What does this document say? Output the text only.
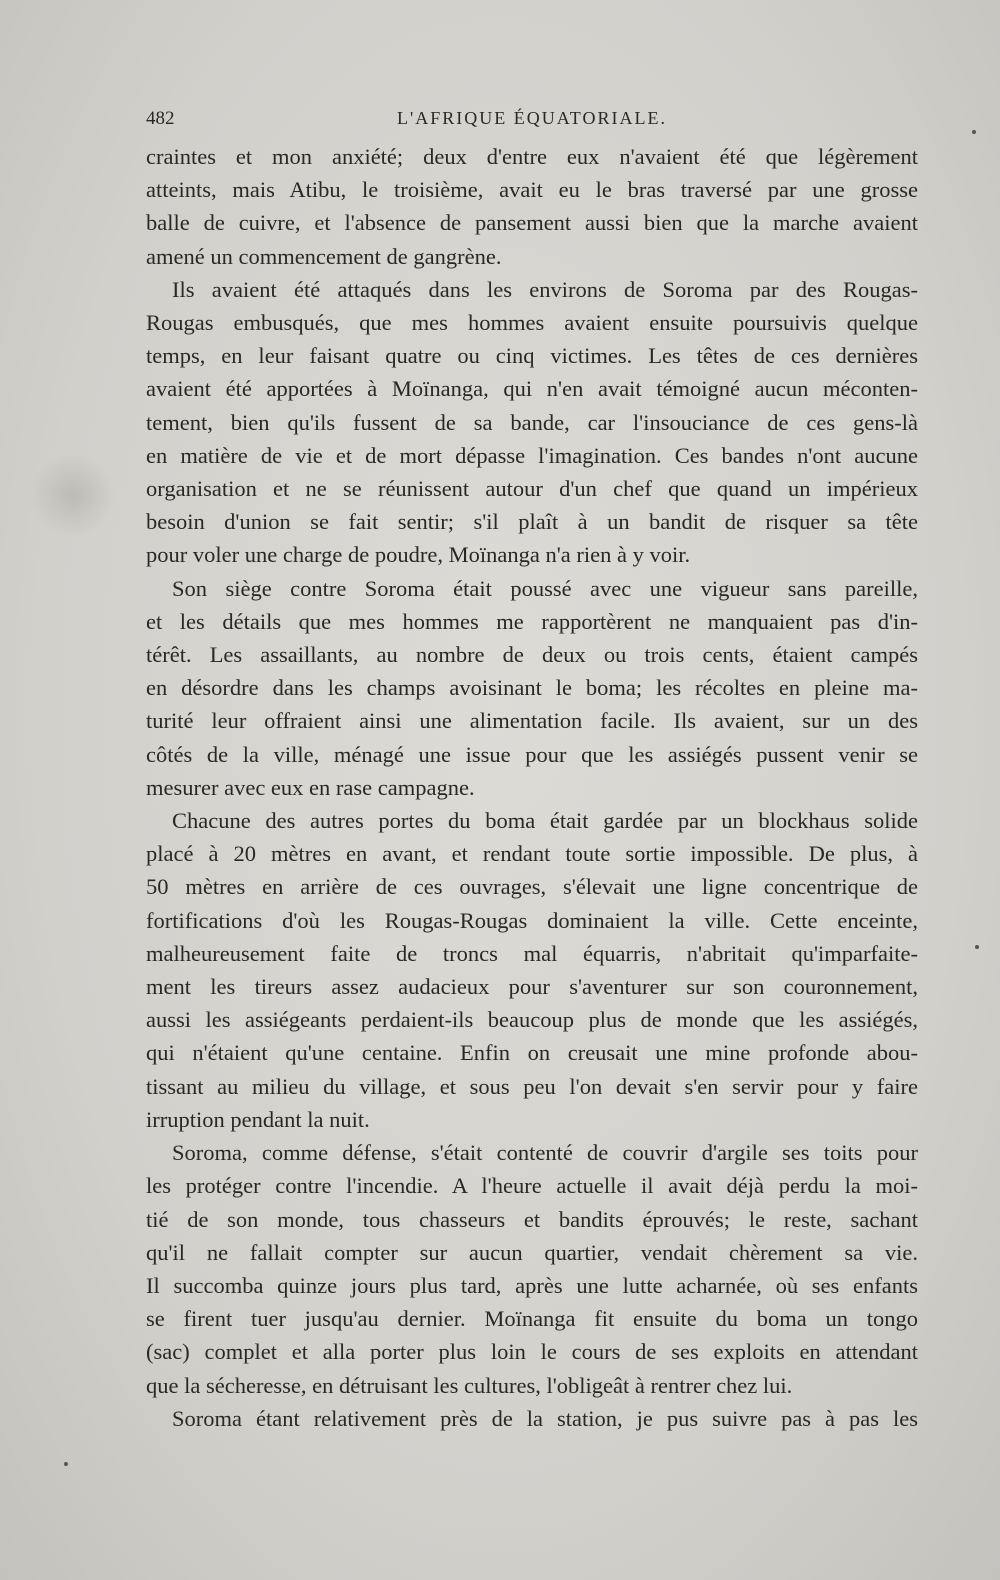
482	L'AFRIQUE ÉQUATORIALE.
craintes et mon anxiété; deux d'entre eux n'avaient été que légèrement
atteints, mais Atibu, le troisième, avait eu le bras traversé par une grosse
balle de cuivre, et l'absence de pansement aussi bien que la marche avaient
amené un commencement de gangrène.
Ils avaient été attaqués dans les environs de Soroma par des Rougas-
Rougas embusqués, que mes hommes avaient ensuite poursuivis quelque
temps, en leur faisant quatre ou cinq victimes. Les têtes de ces dernières
avaient été apportées à Moïnanga, qui n'en avait témoigné aucun méconten-
tement, bien qu'ils fussent de sa bande, car l'insouciance de ces gens-là
en matière de vie et de mort dépasse l'imagination. Ces bandes n'ont aucune
organisation et ne se réunissent autour d'un chef que quand un impérieux
besoin d'union se fait sentir; s'il plaît à un bandit de risquer sa tête
pour voler une charge de poudre, Moïnanga n'a rien à y voir.
Son siège contre Soroma était poussé avec une vigueur sans pareille,
et les détails que mes hommes me rapportèrent ne manquaient pas d'in-
térêt. Les assaillants, au nombre de deux ou trois cents, étaient campés
en désordre dans les champs avoisinant le boma; les récoltes en pleine ma-
turité leur offraient ainsi une alimentation facile. Ils avaient, sur un des
côtés de la ville, ménagé une issue pour que les assiégés pussent venir se
mesurer avec eux en rase campagne.
Chacune des autres portes du boma était gardée par un blockhaus solide
placé à 20 mètres en avant, et rendant toute sortie impossible. De plus, à
50 mètres en arrière de ces ouvrages, s'élevait une ligne concentrique de
fortifications d'où les Rougas-Rougas dominaient la ville. Cette enceinte,
malheureusement faite de troncs mal équarris, n'abritait qu'imparfaite-
ment les tireurs assez audacieux pour s'aventurer sur son couronnement,
aussi les assiégeants perdaient-ils beaucoup plus de monde que les assiégés,
qui n'étaient qu'une centaine. Enfin on creusait une mine profonde abou-
tissant au milieu du village, et sous peu l'on devait s'en servir pour y faire
irruption pendant la nuit.
Soroma, comme défense, s'était contenté de couvrir d'argile ses toits pour
les protéger contre l'incendie. A l'heure actuelle il avait déjà perdu la moi-
tié de son monde, tous chasseurs et bandits éprouvés; le reste, sachant
qu'il ne fallait compter sur aucun quartier, vendait chèrement sa vie.
Il succomba quinze jours plus tard, après une lutte acharnée, où ses enfants
se firent tuer jusqu'au dernier. Moïnanga fit ensuite du boma un tongo
(sac) complet et alla porter plus loin le cours de ses exploits en attendant
que la sécheresse, en détruisant les cultures, l'obligeât à rentrer chez lui.
Soroma étant relativement près de la station, je pus suivre pas à pas les
